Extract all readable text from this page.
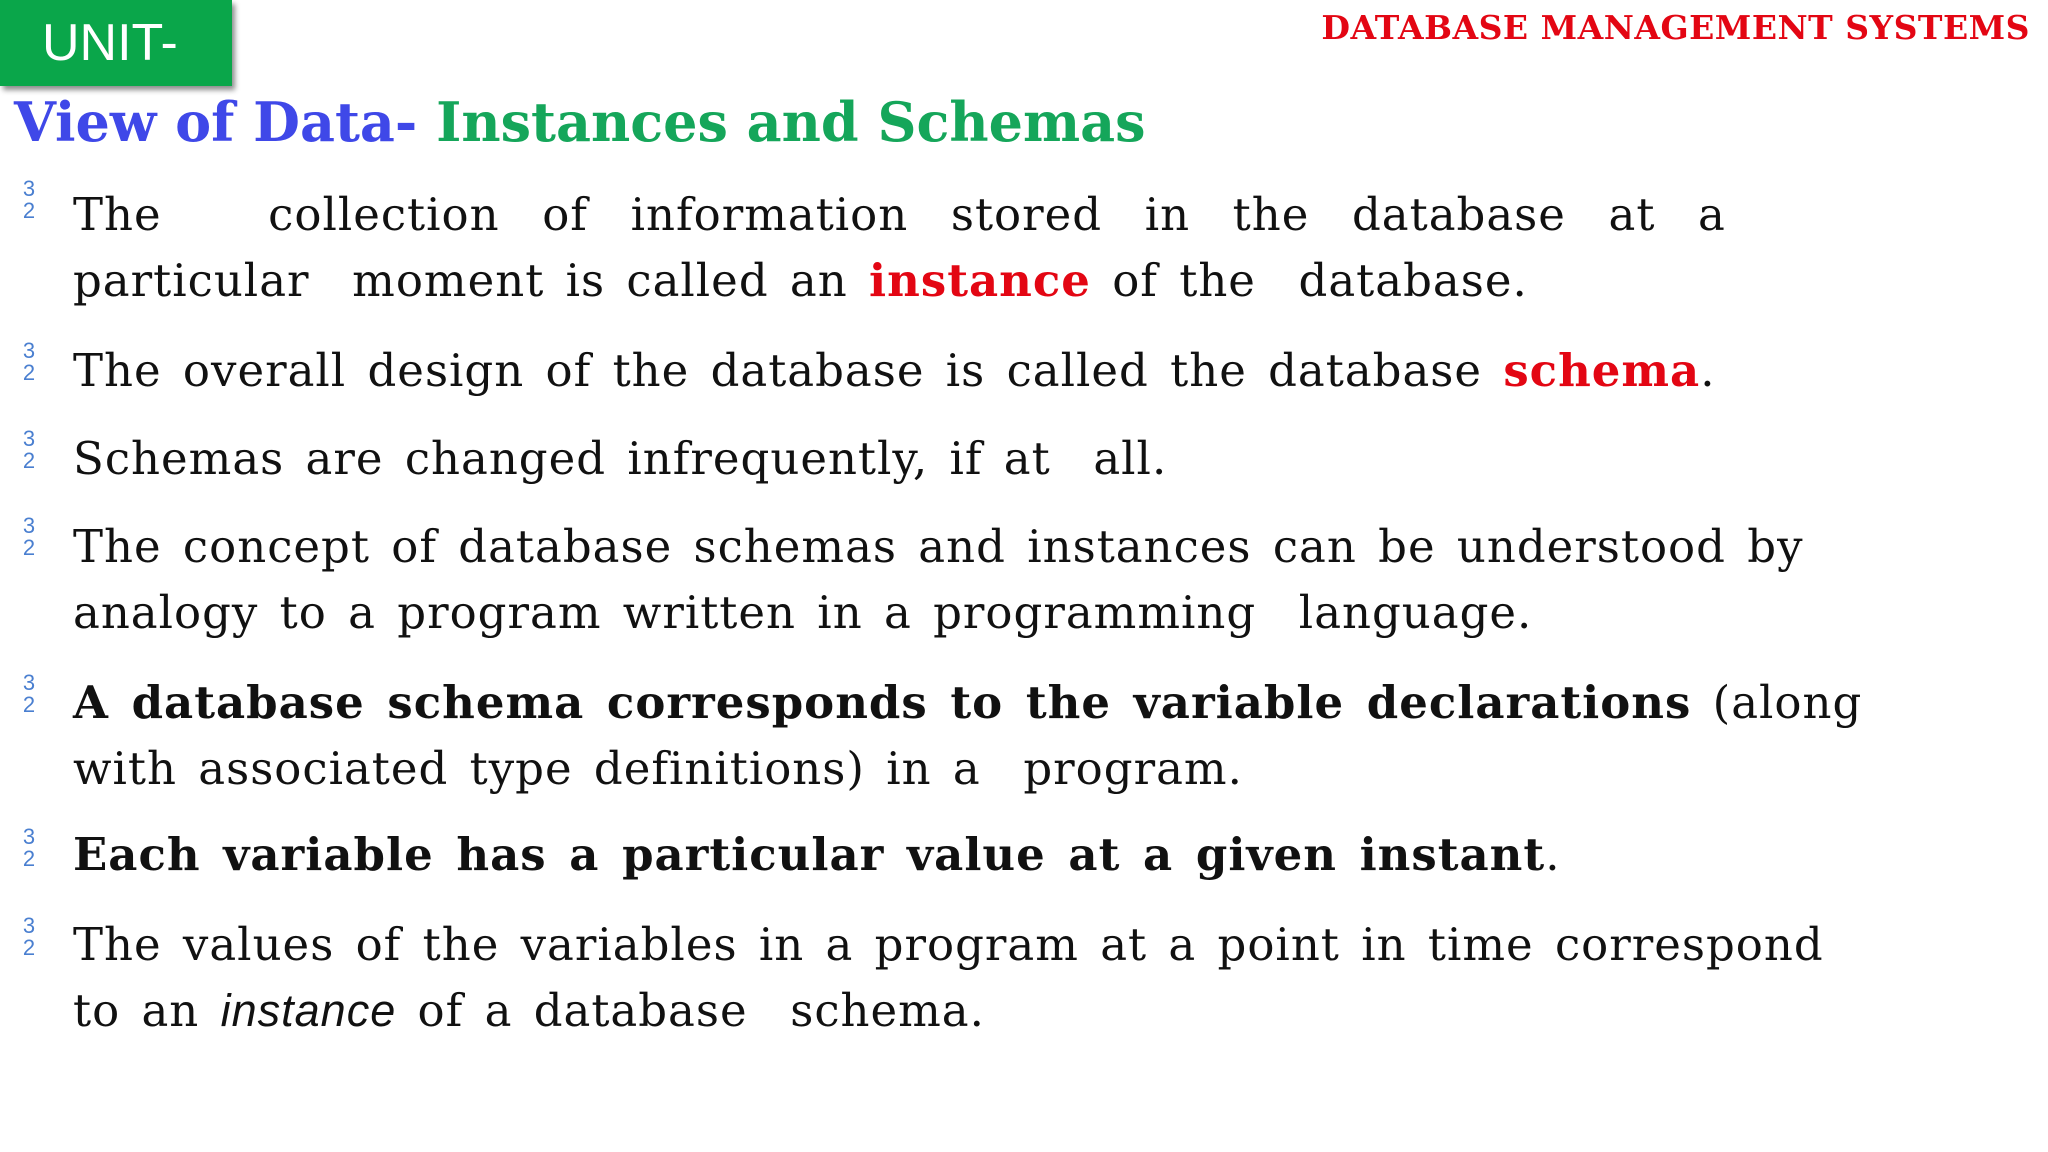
UNIT-	DATABASE MANAGEMENT SYSTEMS
View of Data- Instances and Schemas
3
2 The     collection  of  information  stored  in  the  database  at  a
particular  moment is called an instance of the  database.
3
2 The overall design of the database is called the database schema.
3
2 Schemas are changed infrequently, if at  all.
3
2 The concept of database schemas and instances can be understood by
analogy to a program written in a programming  language.
3
2 A database schema corresponds to the variable declarations (along
with associated type definitions) in a  program.
3
2 Each variable has a particular value at a given instant.
3
2 The values of the variables in a program at a point in time correspond
to an instance of a database  schema.
